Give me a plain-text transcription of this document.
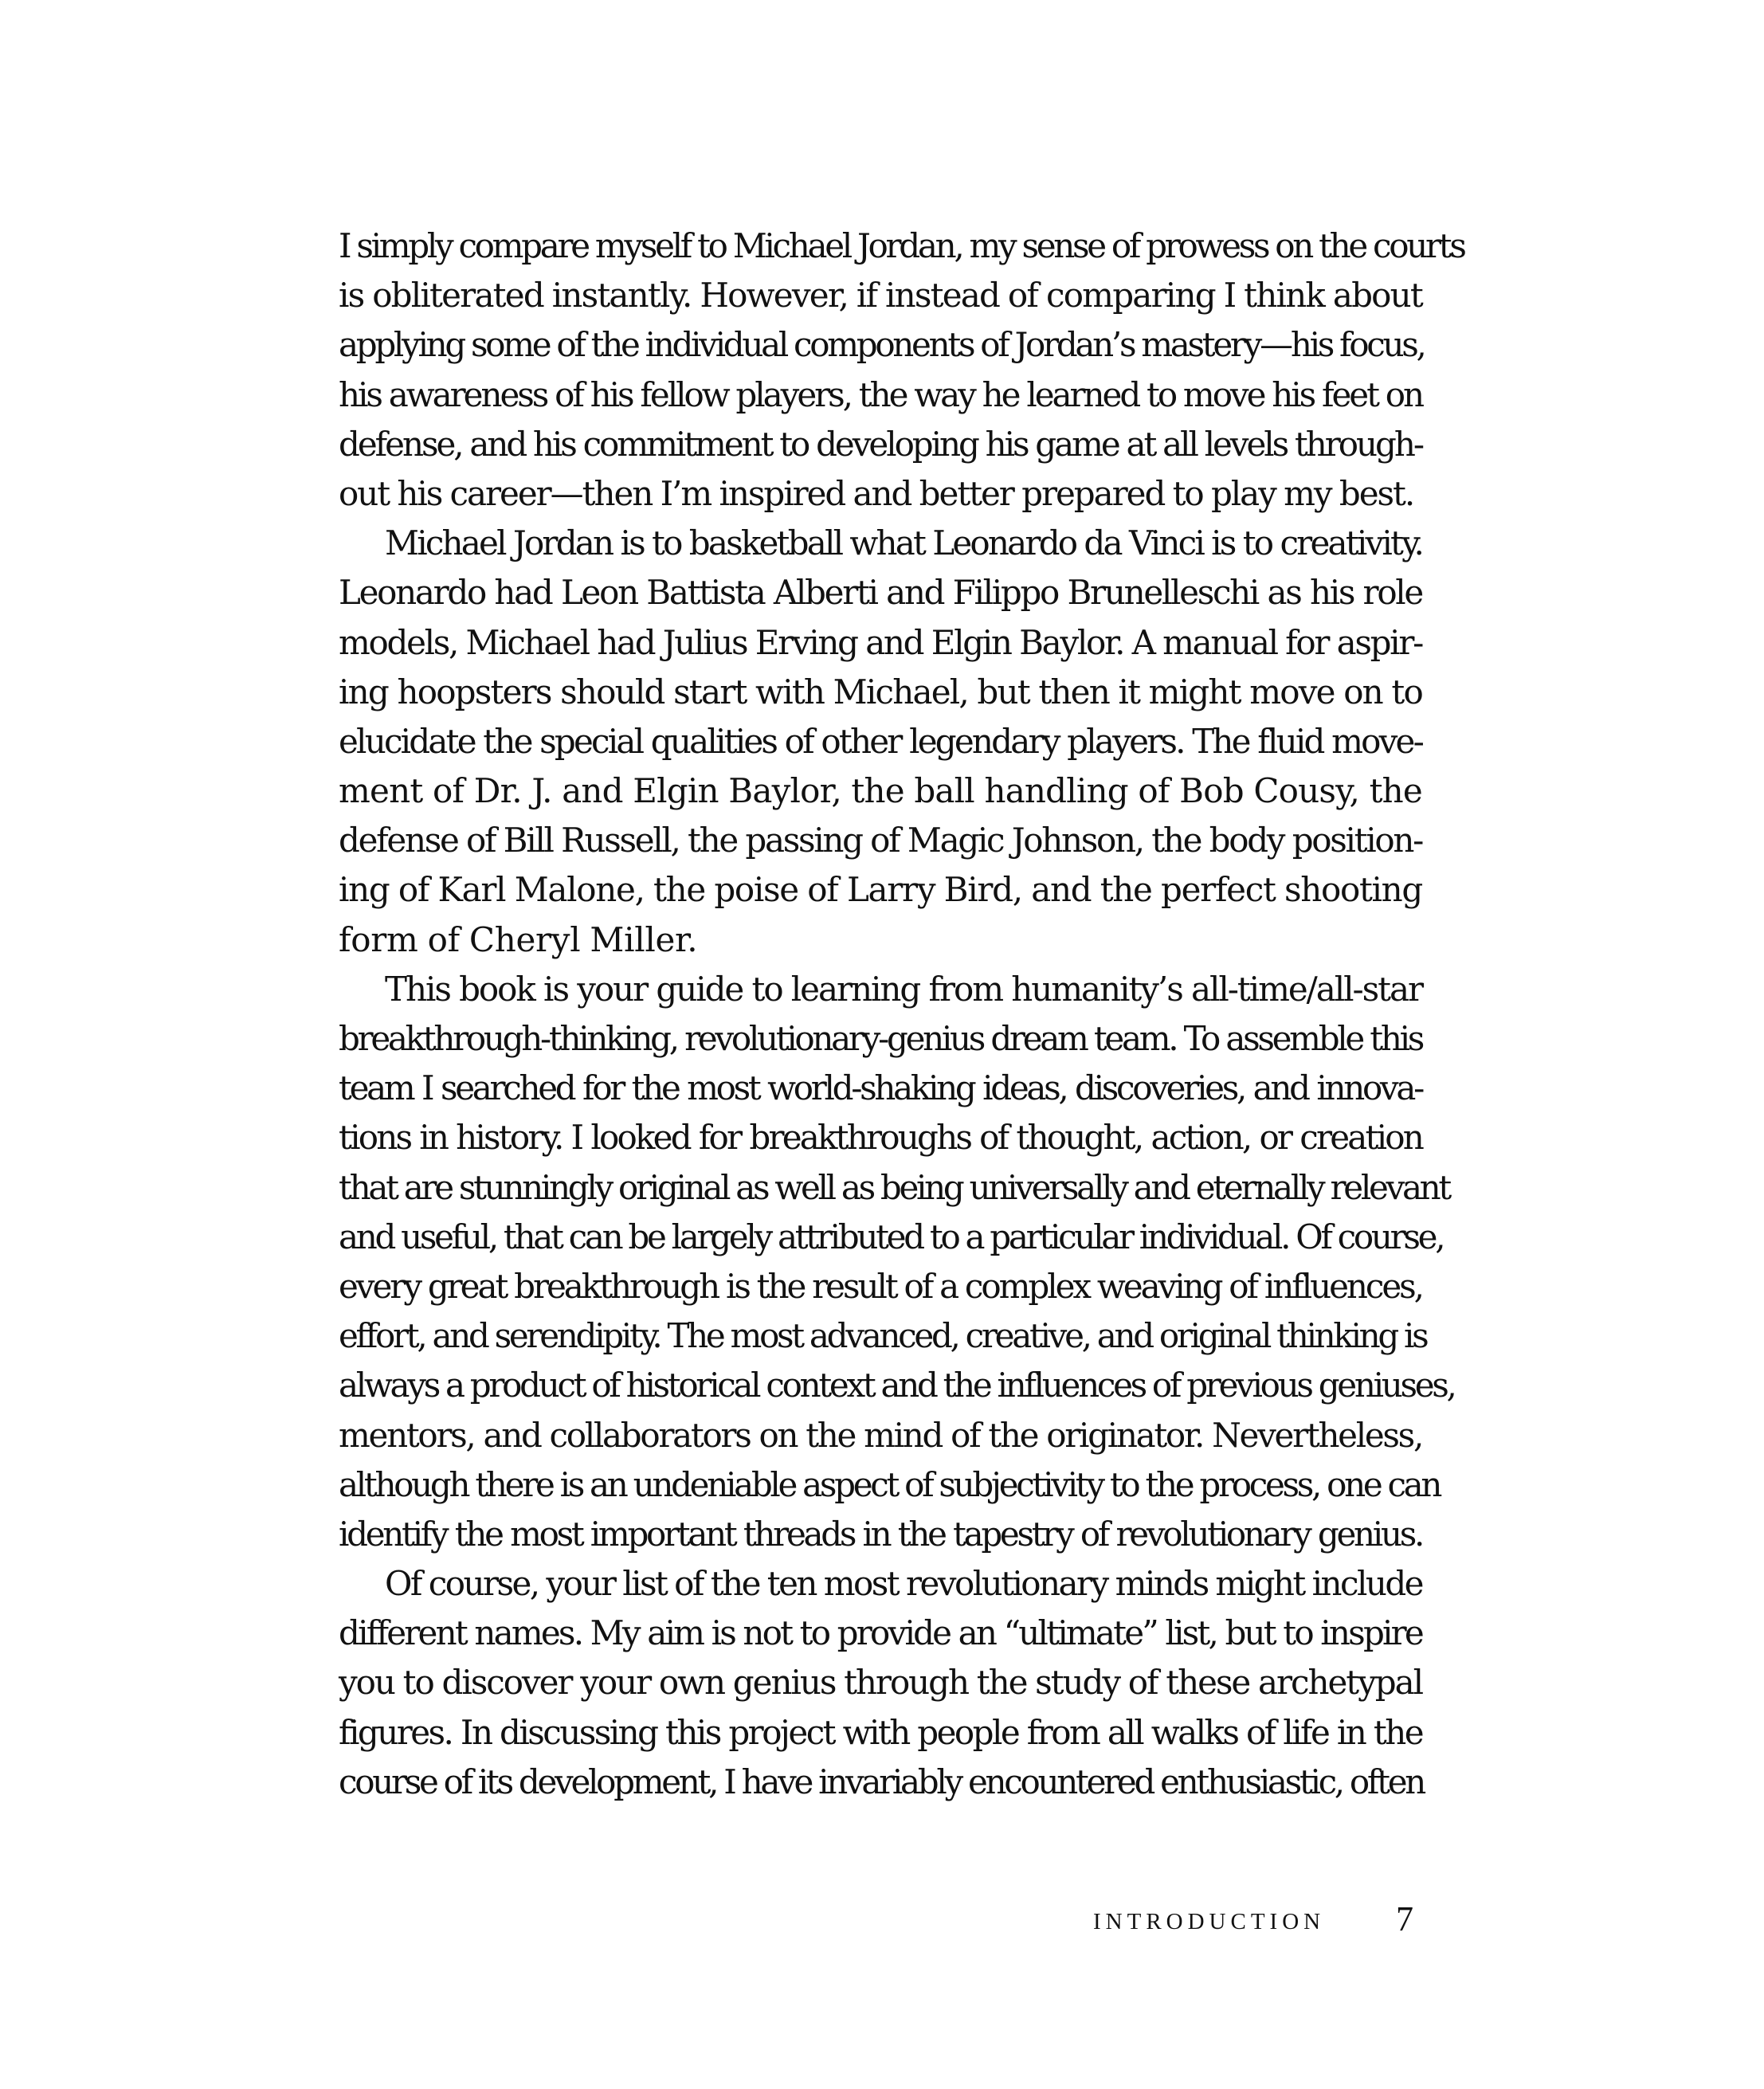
I simply compare myself to Michael Jordan, my sense of prowess on the courts
is obliterated instantly. However, if instead of comparing I think about
applying some of the individual components of Jordan’s mastery—his focus,
his awareness of his fellow players, the way he learned to move his feet on
defense, and his commitment to developing his game at all levels through-
out his career—then I’m inspired and better prepared to play my best.
Michael Jordan is to basketball what Leonardo da Vinci is to creativity.
Leonardo had Leon Battista Alberti and Filippo Brunelleschi as his role
models, Michael had Julius Erving and Elgin Baylor. A manual for aspir-
ing hoopsters should start with Michael, but then it might move on to
elucidate the special qualities of other legendary players. The fluid move-
ment of Dr. J. and Elgin Baylor, the ball handling of Bob Cousy, the
defense of Bill Russell, the passing of Magic Johnson, the body position-
ing of Karl Malone, the poise of Larry Bird, and the perfect shooting
form of Cheryl Miller.
This book is your guide to learning from humanity’s all-time/all-star
breakthrough-thinking, revolutionary-genius dream team. To assemble this
team I searched for the most world-shaking ideas, discoveries, and innova-
tions in history. I looked for breakthroughs of thought, action, or creation
that are stunningly original as well as being universally and eternally relevant
and useful, that can be largely attributed to a particular individual. Of course,
every great breakthrough is the result of a complex weaving of influences,
effort, and serendipity. The most advanced, creative, and original thinking is
always a product of historical context and the influences of previous geniuses,
mentors, and collaborators on the mind of the originator. Nevertheless,
although there is an undeniable aspect of subjectivity to the process, one can
identify the most important threads in the tapestry of revolutionary genius.
Of course, your list of the ten most revolutionary minds might include
different names. My aim is not to provide an “ultimate” list, but to inspire
you to discover your own genius through the study of these archetypal
figures. In discussing this project with people from all walks of life in the
course of its development, I have invariably encountered enthusiastic, often
INTRODUCTION 7
